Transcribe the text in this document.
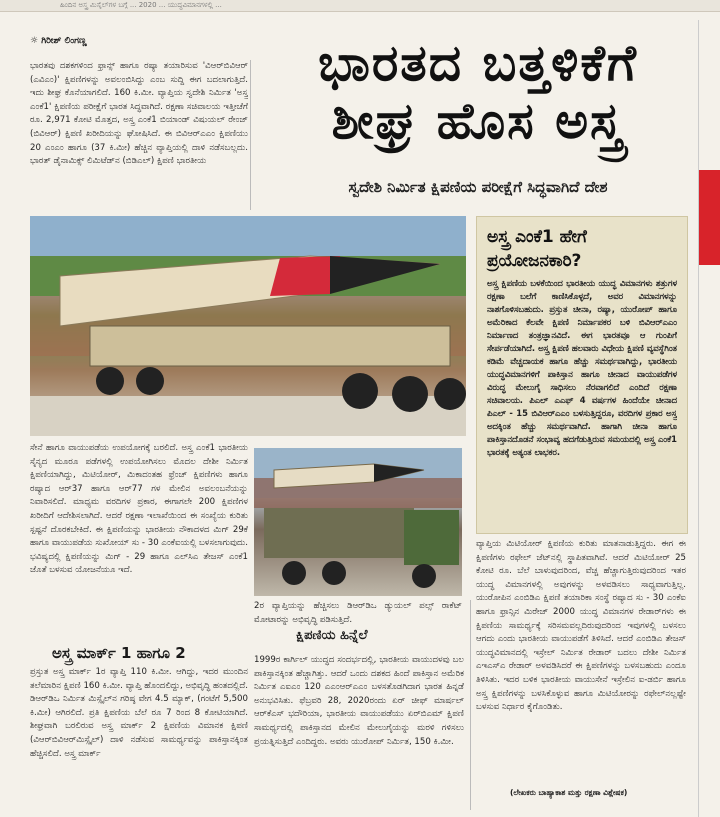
ಹಿಂದಿನ ಅಸ್ತ್ರ ಮಿಸೈಲ್‌ಗಳ ಬಗ್ಗೆ ... 2020 ... ಯುದ್ಧವಿಮಾನಗಳಲ್ಲಿ ...
☼ ಗಿರೀಶ್ ಲಿಂಗಣ್ಣ	ಭಾರತದ ಬತ್ತಳಿಕೆಗೆ
ಶೀಘ್ರ ಹೊಸ ಅಸ್ತ್ರ
ಸ್ವದೇಶಿ ನಿರ್ಮಿತ ಕ್ಷಿಪಣಿಯ ಪರೀಕ್ಷೆಗೆ ಸಿದ್ಧವಾಗಿದೆ ದೇಶ

ಭಾರತವು ದಶಕಗಳಿಂದ ಫ್ರಾನ್ಸ್ ಹಾಗೂ ರಷ್ಯಾ ತಯಾರಿಸುವ 'ವಿಆರ್‌ಬಿವಿಆರ್ (ಎವಿಎಂ)' ಕ್ಷಿಪಣಿಗಳನ್ನು ಅವಲಂಬಿಸಿದ್ದು ಎಂಬ ಸುದ್ದಿ ಈಗ ಬದಲಾಗುತ್ತಿದೆ. ಇದು ಶೀಘ್ರ ಕೊನೆಯಾಗಲಿದೆ. 160 ಕಿ.ಮೀ. ವ್ಯಾಪ್ತಿಯ ಸ್ವದೇಶಿ ನಿರ್ಮಿತ 'ಅಸ್ತ್ರ ಎಂಕೆ1' ಕ್ಷಿಪಣಿಯ ಪರೀಕ್ಷೆಗೆ ಭಾರತ ಸಿದ್ಧವಾಗಿದೆ. ರಕ್ಷಣಾ ಸಚಿವಾಲಯ ಇತ್ತೀಚೆಗೆ ರೂ. 2,971 ಕೋಟಿ ಮೊತ್ತದ, ಅಸ್ತ್ರ ಎಂಕೆ1 ಬಿಯಾಂಡ್ ವಿಷುಯಲ್ ರೇಂಜ್ (ಬಿವಿಆರ್) ಕ್ಷಿಪಣಿ ಖರೀದಿಯನ್ನು ಘೋಷಿಸಿದೆ. ಈ ಬಿವಿಆರ್‌ಎಎಂ ಕ್ಷಿಪಣಿಯು 20 ಎಂಎಂ ಹಾಗೂ (37 ಕಿ.ಮೀ) ಹೆಚ್ಚಿನ ವ್ಯಾಪ್ತಿಯಲ್ಲಿ ದಾಳಿ ನಡೆಸಬಲ್ಲದು. ಭಾರತ್ ಡೈನಾಮಿಕ್ಸ್ ಲಿಮಿಟೆಡ್‌ನ (ಬಿಡಿಎಲ್) ಕ್ಷಿಪಣಿ ಭಾರತೀಯ

ಸೇನೆ ಹಾಗೂ ವಾಯುಪಡೆಯ ಉಪಯೋಗಕ್ಕೆ ಬರಲಿದೆ. ಅಸ್ತ್ರ ಎಂಕೆ1 ಭಾರತೀಯ ಸೈನ್ಯದ ಮೂರೂ ಪಡೆಗಳಲ್ಲಿ ಉಪಯೋಗಿಸಲು ಮೊದಲ ದೇಶೀ ನಿರ್ಮಿತ ಕ್ಷಿಪಣಿಯಾಗಿದ್ದು, ಮಿಟಿಯೋರ್, ಮಿಕಾದಂತಹ ಫ್ರೆಂಚ್ ಕ್ಷಿಪಣಿಗಳು ಹಾಗೂ ರಷ್ಯಾದ ಆರ್‌37 ಹಾಗೂ ಆರ್‌77 ಗಳ ಮೇಲಿನ ಅವಲಂಬನೆಯನ್ನು ನಿವಾರಿಸಲಿದೆ. ಮಾಧ್ಯಮ ವರದಿಗಳ ಪ್ರಕಾರ, ಈಗಾಗಲೇ 200 ಕ್ಷಿಪಣಿಗಳ ಖರೀದಿಗೆ ಆದೇಶಿಸಲಾಗಿದೆ. ಆದರೆ ರಕ್ಷಣಾ ಇಲಾಖೆಯಿಂದ ಈ ಸಂಖ್ಯೆಯ ಕುರಿತು ಸ್ಪಷ್ಟನೆ ದೊರಕಬೇಕಿದೆ. ಈ ಕ್ಷಿಪಣಿಯನ್ನು ಭಾರತೀಯ ನೌಕಾದಳದ ಮಿಗ್ 29ಕೆ ಹಾಗೂ ವಾಯುಪಡೆಯ ಸುಖೋಯ್ ಸು - 30 ಎಂಕೆಐಯಲ್ಲಿ ಬಳಸಲಾಗುವುದು. ಭವಿಷ್ಯದಲ್ಲಿ ಕ್ಷಿಪಣಿಯನ್ನು ಮಿಗ್ - 29 ಹಾಗೂ ಎಲ್‌ಸಿಎ ತೇಜಸ್ ಎಂಕೆ1 ಜೊತೆ ಬಳಸುವ ಯೋಜನೆಯೂ ಇದೆ.

2ರ ವ್ಯಾಪ್ತಿಯನ್ನು ಹೆಚ್ಚಿಸಲು ಡಿಆರ್‌ಡಿಒ ಡ್ಯುಯಲ್ ಪಲ್ಸ್ ರಾಕೆಟ್ ಮೋಟಾರನ್ನು ಅಭಿವೃದ್ಧಿ ಪಡಿಸುತ್ತಿದೆ.

ಅಸ್ತ್ರ ಮಾರ್ಕ್ 1 ಹಾಗೂ 2

ಪ್ರಸ್ತುತ ಅಸ್ತ್ರ ಮಾರ್ಕ್ 1ರ ವ್ಯಾಪ್ತಿ 110 ಕಿ.ಮೀ. ಆಗಿದ್ದು, ಇದರ ಮುಂದಿನ ತಲೆಮಾರಿನ ಕ್ಷಿಪಣಿ 160 ಕಿ.ಮೀ. ವ್ಯಾಪ್ತಿ ಹೊಂದಲಿದ್ದು, ಅಭಿವೃದ್ಧಿ ಹಂತದಲ್ಲಿದೆ. ಡಿಆರ್‌ಡಿಒ ನಿರ್ಮಿತ ಮಿಸ್ಸೈಲ್‌ನ ಗರಿಷ್ಠ ವೇಗ 4.5 ಮ್ಯಾಕ್, (ಗಂಟೆಗೆ 5,500 ಕಿ.ಮೀ) ಆಗಿರಲಿದೆ. ಪ್ರತಿ ಕ್ಷಿಪಣಿಯ ಬೆಲೆ ರೂ 7 ರಿಂದ 8 ಕೋಟಿಯಾಗಿದೆ. ಶೀಘ್ರವಾಗಿ ಬರಲಿರುವ ಅಸ್ತ್ರ ಮಾರ್ಕ್ 2 ಕ್ಷಿಪಣಿಯ ವಿಮಾನಕ ಕ್ಷಿಪಣಿ (ವಿಆರ್‌ಬಿವಿಆರ್‌ಮಿಸ್ಸೈಲ್) ದಾಳಿ ನಡೆಸುವ ಸಾಮರ್ಥ್ಯವನ್ನು ಪಾಕಿಸ್ತಾನಕ್ಕಿಂತ ಹೆಚ್ಚಿಸಲಿದೆ. ಅಸ್ತ್ರ ಮಾರ್ಕ್

ಕ್ಷಿಪಣಿಯ ಹಿನ್ನೆಲೆ

1999ರ ಕಾರ್ಗಿಲ್ ಯುದ್ಧದ ಸಂದರ್ಭದಲ್ಲಿ, ಭಾರತೀಯ ವಾಯುದಳವು ಬಲ ಪಾಕಿಸ್ತಾನಕ್ಕಿಂತ ಹೆಚ್ಚಾಗಿತ್ತು. ಆದರೆ ಒಂದು ದಶಕದ ಹಿಂದೆ ಪಾಕಿಸ್ತಾನ ಅಮೆರಿಕ ನಿರ್ಮಿತ ಎಐಎಂ 120 ಎಎಂಆರ್‌ಎಎಂ ಬಳಸತೊಡಗಿದಾಗ ಭಾರತ ಹಿನ್ನಡೆ ಅನುಭವಿಸಿತು. ಫೆಬ್ರವರಿ 28, 2020ರಂದು ಏರ್ ಚೀಫ್ ಮಾರ್ಷಲ್ ಆರ್‌ಕೆಎಸ್ ಭದೌರಿಯಾ, ಭಾರತೀಯ ವಾಯುಪಡೆಯು ಏರ್‌ಬಿಎಮ್ ಕ್ಷಿಪಣಿ ಸಾಮರ್ಥ್ಯದಲ್ಲಿ ಪಾಕಿಸ್ತಾನದ ಮೇಲಿನ ಮೇಲುಗೈಯನ್ನು ಮರಳಿ ಗಳಿಸಲು ಪ್ರಯತ್ನಿಸುತ್ತಿದೆ ಎಂದಿದ್ದರು. ಅವರು ಯುರೋಪ್ ನಿರ್ಮಿತ, 150 ಕಿ.ಮೀ.

ಅಸ್ತ್ರ ಎಂಕೆ1 ಹೇಗೆ ಪ್ರಯೋಜನಕಾರಿ?
ಅಸ್ತ್ರ ಕ್ಷಿಪಣಿಯ ಬಳಕೆಯಿಂದ ಭಾರತೀಯ ಯುದ್ಧ ವಿಮಾನಗಳು ಶತ್ರುಗಳ ರಕ್ಷಣಾ ಬಲೆಗೆ ಕಾಣಿಸಿಕೊಳ್ಳದೆ, ಅವರ ವಿಮಾನಗಳನ್ನು ನಾಶಗೊಳಿಸಬಹುದು. ಪ್ರಸ್ತುತ ಚೀನಾ, ರಷ್ಯಾ, ಯುರೋಪ್ ಹಾಗೂ ಅಮೆರಿಕಾದ ಕೆಲವೇ ಕ್ಷಿಪಣಿ ನಿರ್ಮಾಪಕರ ಬಳಿ ಬಿವಿಆರ್‌ಎಎಂ ನಿರ್ಮಾಣದ ತಂತ್ರಜ್ಞಾನವಿದೆ. ಈಗ ಭಾರತವೂ ಆ ಗುಂಪಿಗೆ ಸೇರ್ಪಡೆಯಾಗಿದೆ. ಅಸ್ತ್ರ ಕ್ಷಿಪಣಿ ಹಲವಾರು ವಿಧೇಯ ಕ್ಷಿಪಣಿ ವ್ಯವಸ್ಥೆಗಿಂತ ಕಡಿಮೆ ವೆಚ್ಚದಾಯಕ ಹಾಗೂ ಹೆಚ್ಚು ಸಮರ್ಥವಾಗಿದ್ದು, ಭಾರತೀಯ ಯುದ್ಧವಿಮಾನಗಳಿಗೆ ಪಾಕಿಸ್ತಾನ ಹಾಗೂ ಚೀನಾದ ವಾಯುಪಡೆಗಳ ವಿರುದ್ಧ ಮೇಲುಗೈ ಸಾಧಿಸಲು ನೆರವಾಗಲಿದೆ ಎಂದಿದೆ ರಕ್ಷಣಾ ಸಚಿವಾಲಯ. ಪಿಎಲ್ ಎಎಫ್ 4 ವರ್ಷಗಳ ಹಿಂದೆಯೇ ಚೀನಾದ ಪಿಎಲ್ - 15 ಬಿವಿಆರ್‌ಎಎಂ ಬಳಸುತ್ತಿದ್ದರೂ, ವರದಿಗಳ ಪ್ರಕಾರ ಅಸ್ತ್ರ ಅದಕ್ಕಿಂತ ಹೆಚ್ಚು ಸಮರ್ಥವಾಗಿದೆ. ಹಾಗಾಗಿ ಚೀನಾ ಹಾಗೂ ಪಾಕಿಸ್ತಾನದೊಡನೆ ಸಂಭಾವ್ಯ ಹದಗೆಡುತ್ತಿರುವ ಸಮಯದಲ್ಲಿ ಅಸ್ತ್ರ ಎಂಕೆ1 ಭಾರತಕ್ಕೆ ಅತ್ಯಂತ ಲಾಭಕರ.

ವ್ಯಾಪ್ತಿಯ ಮಿಟಿಯೋರ್ ಕ್ಷಿಪಣಿಯ ಕುರಿತು ಮಾತನಾಡುತ್ತಿದ್ದರು. ಈಗ ಈ ಕ್ಷಿಪಣಿಗಳು ರಫೇಲ್ ಜೆಟ್‌ನಲ್ಲಿ ಸ್ಥಾಪಿತವಾಗಿವೆ. ಆದರೆ ಮಿಟಿಯೋರ್ 25 ಕೋಟಿ ರೂ. ಬೆಲೆ ಬಾಳುವುದರಿಂದ, ವೆಚ್ಚ ಹೆಚ್ಚಾಗುತ್ತಿರುವುದರಿಂದ ಇತರ ಯುದ್ಧ ವಿಮಾನಗಳಲ್ಲಿ ಅವುಗಳನ್ನು ಅಳವಡಿಸಲು ಸಾಧ್ಯವಾಗುತ್ತಿಲ್ಲ. ಯುರೋಪಿನ ಎಂಬಿಡಿಎ ಕ್ಷಿಪಣಿ ತಯಾರಿಕಾ ಸಂಸ್ಥೆ ರಷ್ಯಾದ ಸು - 30 ಎಂಕೆಐ ಹಾಗೂ ಫ್ರಾನ್ಸಿನ ಮಿರೇಜ್ 2000 ಯುದ್ಧ ವಿಮಾನಗಳ ರೇಡಾರ್‌ಗಳು ಈ ಕ್ಷಿಪಣಿಯ ಸಾಮರ್ಥ್ಯಕ್ಕೆ ಸರಿಸಮವಲ್ಲದಿರುವುದರಿಂದ ಇವುಗಳಲ್ಲಿ ಬಳಸಲು ಆಗದು ಎಂದು ಭಾರತೀಯ ವಾಯುಪಡೆಗೆ ತಿಳಿಸಿದೆ. ಆದರೆ ಎಂಬಿಡಿಎ ತೇಜಸ್ ಯುದ್ಧವಿಮಾನದಲ್ಲಿ ಇಸ್ರೇಲ್ ನಿರ್ಮಿತ ರೇಡಾರ್ ಬದಲು ದೇಶೀ ನಿರ್ಮಿತ ಎಇಎಸ್‌ಎ ರೇಡಾರ್ ಅಳವಡಿಸಿದರೆ ಈ ಕ್ಷಿಪಣಿಗಳನ್ನು ಬಳಸಬಹುದು ಎಂದೂ ತಿಳಿಸಿತು. ಇದರ ಬಳಿಕ ಭಾರತೀಯ ವಾಯುಸೇನೆ ಇಸ್ರೇಲಿನ ಐ-ಡರ್ಬಿ ಹಾಗೂ ಅಸ್ತ್ರ ಕ್ಷಿಪಣಿಗಳನ್ನು ಬಳಸಿಕೊಳ್ಳುವ ಹಾಗೂ ಮಿಟಿಯೋರನ್ನು ರಫೇಲ್‌ನಲ್ಲಷ್ಟೇ ಬಳಸುವ ನಿರ್ಧಾರ ಕೈಗೊಂಡಿತು.

(ಲೇಖಕರು ಬಾಹ್ಯಾಕಾಶ ಮತ್ತು ರಕ್ಷಣಾ ವಿಶ್ಲೇಷಕ)
